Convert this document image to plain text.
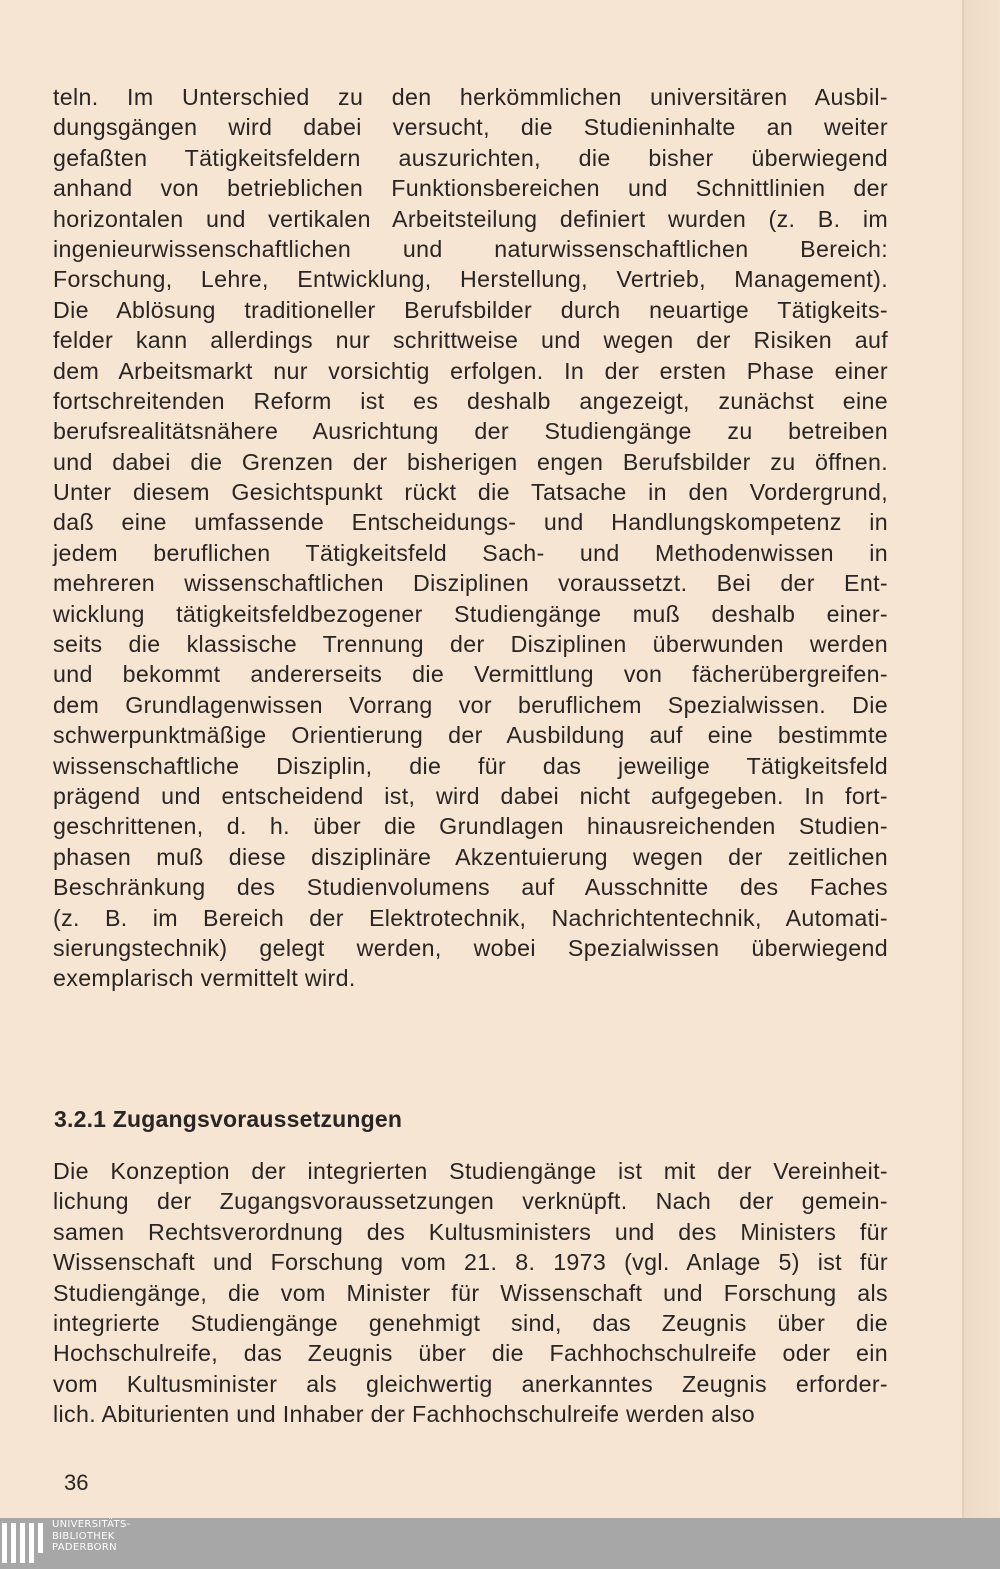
teln. Im Unterschied zu den herkömmlichen universitären Ausbil-
dungsgängen wird dabei versucht, die Studieninhalte an weiter
gefaßten Tätigkeitsfeldern auszurichten, die bisher überwiegend
anhand von betrieblichen Funktionsbereichen und Schnittlinien der
horizontalen und vertikalen Arbeitsteilung definiert wurden (z. B. im
ingenieurwissenschaftlichen und naturwissenschaftlichen Bereich:
Forschung, Lehre, Entwicklung, Herstellung, Vertrieb, Management).
Die Ablösung traditioneller Berufsbilder durch neuartige Tätigkeits-
felder kann allerdings nur schrittweise und wegen der Risiken auf
dem Arbeitsmarkt nur vorsichtig erfolgen. In der ersten Phase einer
fortschreitenden Reform ist es deshalb angezeigt, zunächst eine
berufsrealitätsnähere Ausrichtung der Studiengänge zu betreiben
und dabei die Grenzen der bisherigen engen Berufsbilder zu öffnen.
Unter diesem Gesichtspunkt rückt die Tatsache in den Vordergrund,
daß eine umfassende Entscheidungs- und Handlungskompetenz in
jedem beruflichen Tätigkeitsfeld Sach- und Methodenwissen in
mehreren wissenschaftlichen Disziplinen voraussetzt. Bei der Ent-
wicklung tätigkeitsfeldbezogener Studiengänge muß deshalb einer-
seits die klassische Trennung der Disziplinen überwunden werden
und bekommt andererseits die Vermittlung von fächerübergreifen-
dem Grundlagenwissen Vorrang vor beruflichem Spezialwissen. Die
schwerpunktmäßige Orientierung der Ausbildung auf eine bestimmte
wissenschaftliche Disziplin, die für das jeweilige Tätigkeitsfeld
prägend und entscheidend ist, wird dabei nicht aufgegeben. In fort-
geschrittenen, d. h. über die Grundlagen hinausreichenden Studien-
phasen muß diese disziplinäre Akzentuierung wegen der zeitlichen
Beschränkung des Studienvolumens auf Ausschnitte des Faches
(z. B. im Bereich der Elektrotechnik, Nachrichtentechnik, Automati-
sierungstechnik) gelegt werden, wobei Spezialwissen überwiegend
exemplarisch vermittelt wird.
3.2.1 Zugangsvoraussetzungen
Die Konzeption der integrierten Studiengänge ist mit der Vereinheit-
lichung der Zugangsvoraussetzungen verknüpft. Nach der gemein-
samen Rechtsverordnung des Kultusministers und des Ministers für
Wissenschaft und Forschung vom 21. 8. 1973 (vgl. Anlage 5) ist für
Studiengänge, die vom Minister für Wissenschaft und Forschung als
integrierte Studiengänge genehmigt sind, das Zeugnis über die
Hochschulreife, das Zeugnis über die Fachhochschulreife oder ein
vom Kultusminister als gleichwertig anerkanntes Zeugnis erforder-
lich. Abiturienten und Inhaber der Fachhochschulreife werden also
36
UNIVERSITÄTS-
BIBLIOTHEK
PADERBORN
